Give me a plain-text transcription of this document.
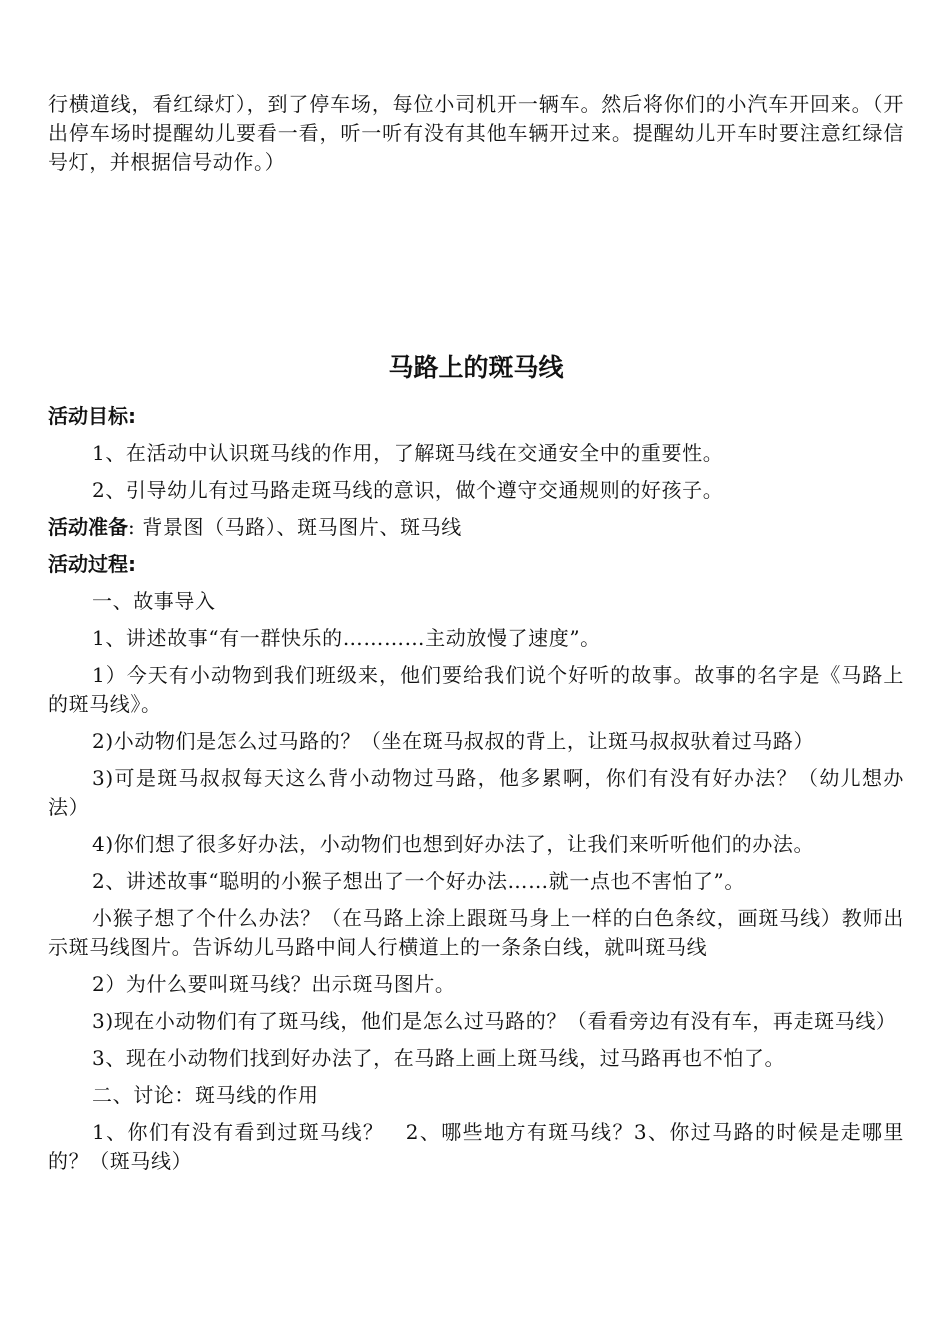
行横道线，看红绿灯），到了停车场，每位小司机开一辆车。然后将你们的小汽车开回来。（开出停车场时提醒幼儿要看一看，听一听有没有其他车辆开过来。提醒幼儿开车时要注意红绿信号灯，并根据信号动作。）

马路上的斑马线

活动目标:

1、在活动中认识斑马线的作用，了解斑马线在交通安全中的重要性。

2、引导幼儿有过马路走斑马线的意识，做个遵守交通规则的好孩子。

活动准备: 背景图（马路）、斑马图片、斑马线

活动过程:

一、故事导入

1、讲述故事“有一群快乐的…………主动放慢了速度”。

1）今天有小动物到我们班级来，他们要给我们说个好听的故事。故事的名字是《马路上的斑马线》。

2)小动物们是怎么过马路的？（坐在斑马叔叔的背上，让斑马叔叔驮着过马路）

3)可是斑马叔叔每天这么背小动物过马路，他多累啊，你们有没有好办法？（幼儿想办法）

4)你们想了很多好办法，小动物们也想到好办法了，让我们来听听他们的办法。

2、讲述故事“聪明的小猴子想出了一个好办法……就一点也不害怕了”。

小猴子想了个什么办法？（在马路上涂上跟斑马身上一样的白色条纹，画斑马线）教师出示斑马线图片。告诉幼儿马路中间人行横道上的一条条白线，就叫斑马线

2）为什么要叫斑马线？出示斑马图片。

3)现在小动物们有了斑马线，他们是怎么过马路的？（看看旁边有没有车，再走斑马线）

3、现在小动物们找到好办法了，在马路上画上斑马线，过马路再也不怕了。

二、讨论：斑马线的作用

1、你们有没有看到过斑马线？　2、哪些地方有斑马线？3、你过马路的时候是走哪里的？（斑马线）
